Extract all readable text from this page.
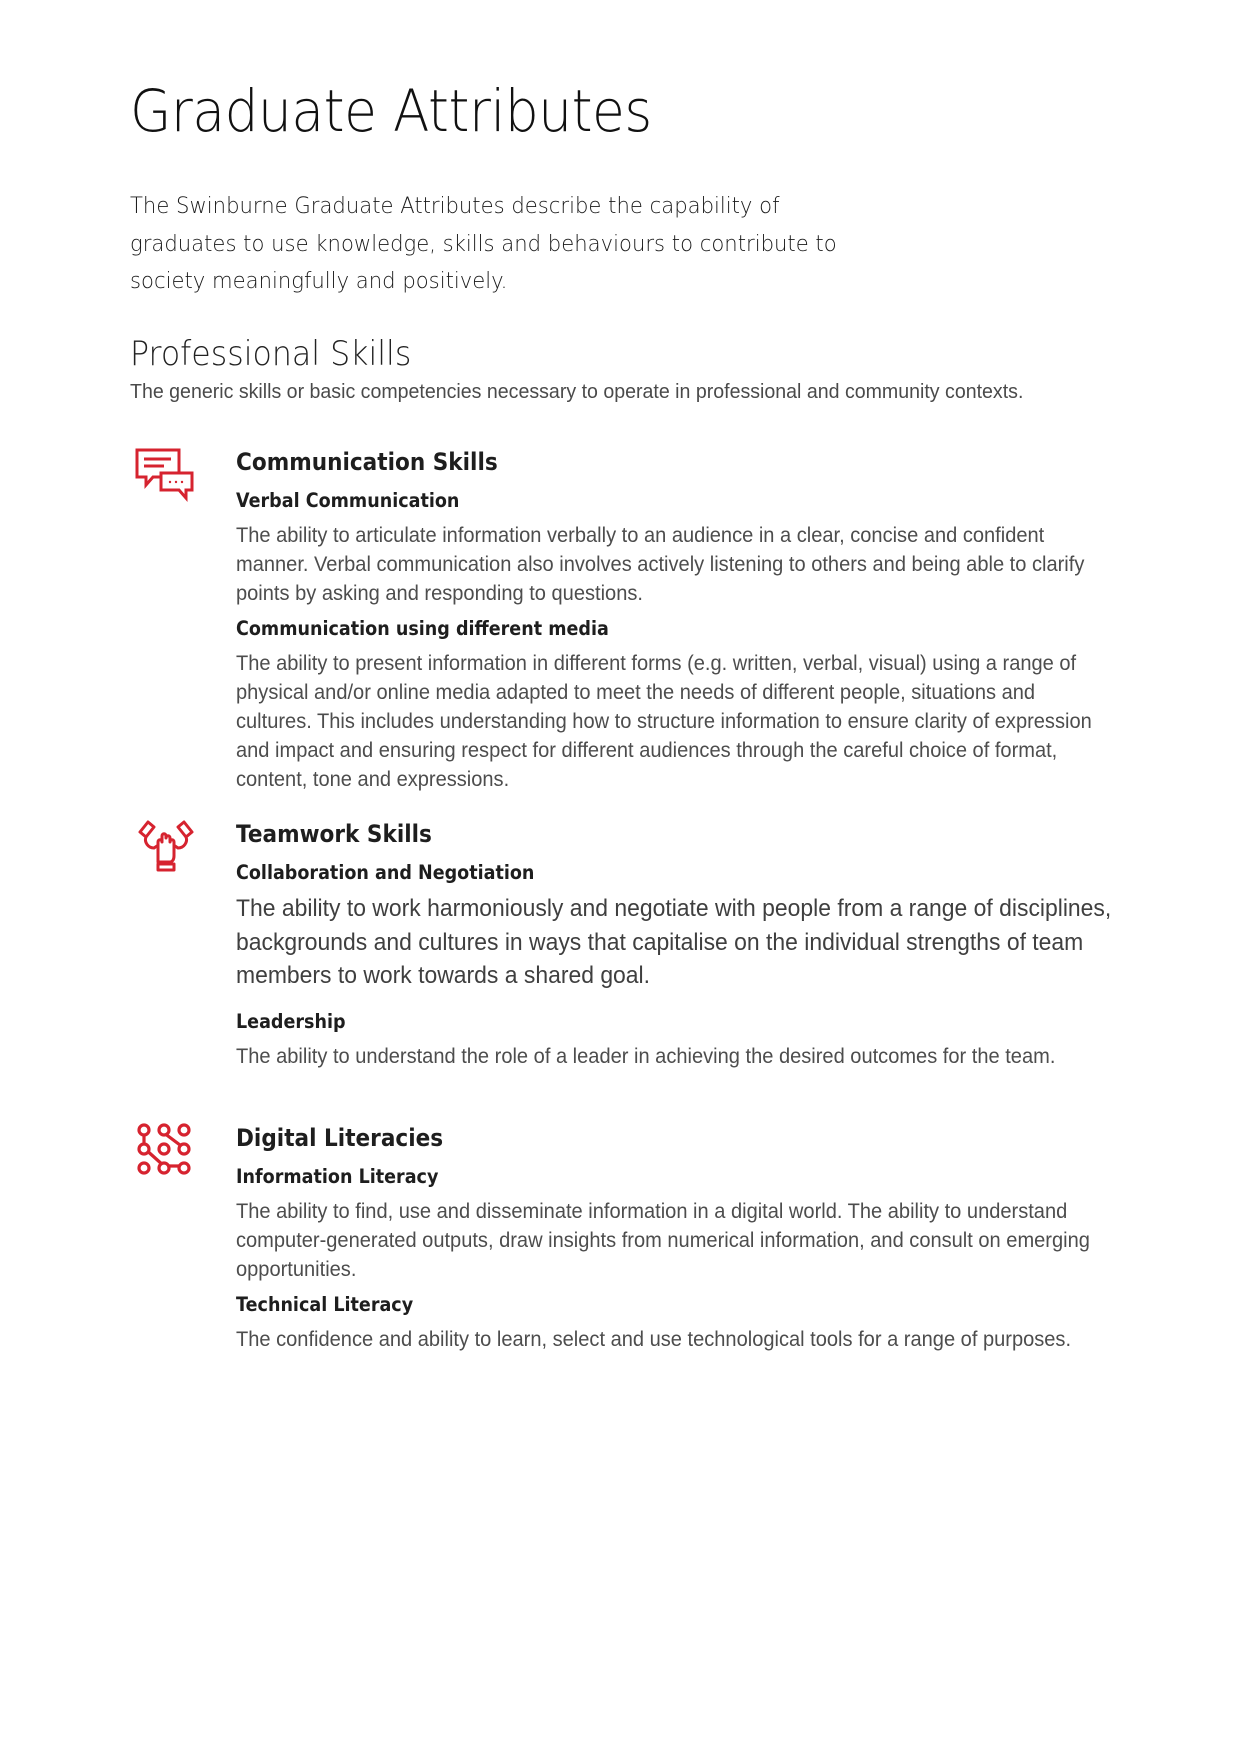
Graduate Attributes

The Swinburne Graduate Attributes describe the capability of graduates to use knowledge, skills and behaviours to contribute to society meaningfully and positively.

Professional Skills

The generic skills or basic competencies necessary to operate in professional and community contexts.

Communication Skills
Verbal Communication

The ability to articulate information verbally to an audience in a clear, concise and confident manner. Verbal communication also involves actively listening to others and being able to clarify points by asking and responding to questions.

Communication using different media

The ability to present information in different forms (e.g. written, verbal, visual) using a range of physical and/or online media adapted to meet the needs of different people, situations and cultures. This includes understanding how to structure information to ensure clarity of expression and impact and ensuring respect for different audiences through the careful choice of format, content, tone and expressions.

Teamwork Skills
Collaboration and Negotiation

The ability to work harmoniously and negotiate with people from a range of disciplines, backgrounds and cultures in ways that capitalise on the individual strengths of team members to work towards a shared goal.

Leadership

The ability to understand the role of a leader in achieving the desired outcomes for the team.

Digital Literacies
Information Literacy

The ability to find, use and disseminate information in a digital world. The ability to understand computer-generated outputs, draw insights from numerical information, and consult on emerging opportunities.

Technical Literacy

The confidence and ability to learn, select and use technological tools for a range of purposes.
